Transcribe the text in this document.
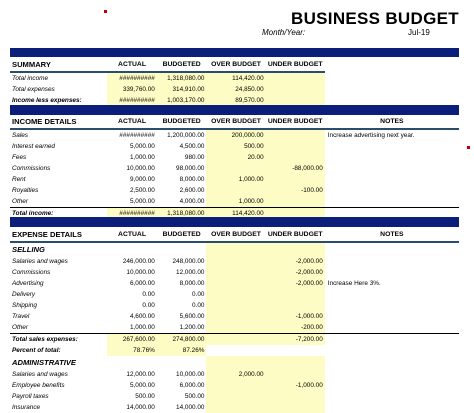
BUSINESS BUDGET
Month/Year:	Jul-19
SUMMARY	ACTUAL	BUDGETED	OVER BUDGET	UNDER BUDGET	
Total income	##########	1,318,080.00	114,420.00		
Total expenses	339,760.00	314,910.00	24,850.00		
Income less expenses:	##########	1,003,170.00	89,570.00		
INCOME DETAILS	ACTUAL	BUDGETED	OVER BUDGET	UNDER BUDGET	NOTES
Sales	##########	1,200,000.00	200,000.00		Increase advertising next year.
Interest earned	5,000.00	4,500.00	500.00		
Fees	1,000.00	980.00	20.00		
Commissions	10,000.00	98,000.00		-88,000.00	
Rent	9,000.00	8,000.00	1,000.00		
Royalties	2,500.00	2,600.00		-100.00	
Other	5,000.00	4,000.00	1,000.00		
Total income:	##########	1,318,080.00	114,420.00		
EXPENSE DETAILS	ACTUAL	BUDGETED	OVER BUDGET	UNDER BUDGET	NOTES
SELLING					
Salaries and wages	246,000.00	248,000.00		-2,000.00	
Commissions	10,000.00	12,000.00		-2,000.00	
Advertising	6,000.00	8,000.00		-2,000.00	Increase Here 3%.
Delivery	0.00	0.00			
Shipping	0.00	0.00			
Travel	4,600.00	5,600.00		-1,000.00	
Other	1,000.00	1,200.00		-200.00	
Total sales expenses:	267,600.00	274,800.00		-7,200.00	
Percent of total:	78.76%	87.26%			
ADMINISTRATIVE					
Salaries and wages	12,000.00	10,000.00	2,000.00		
Employee benefits	5,000.00	6,000.00		-1,000.00	
Payroll taxes	500.00	500.00			
Insurance	14,000.00	14,000.00			
